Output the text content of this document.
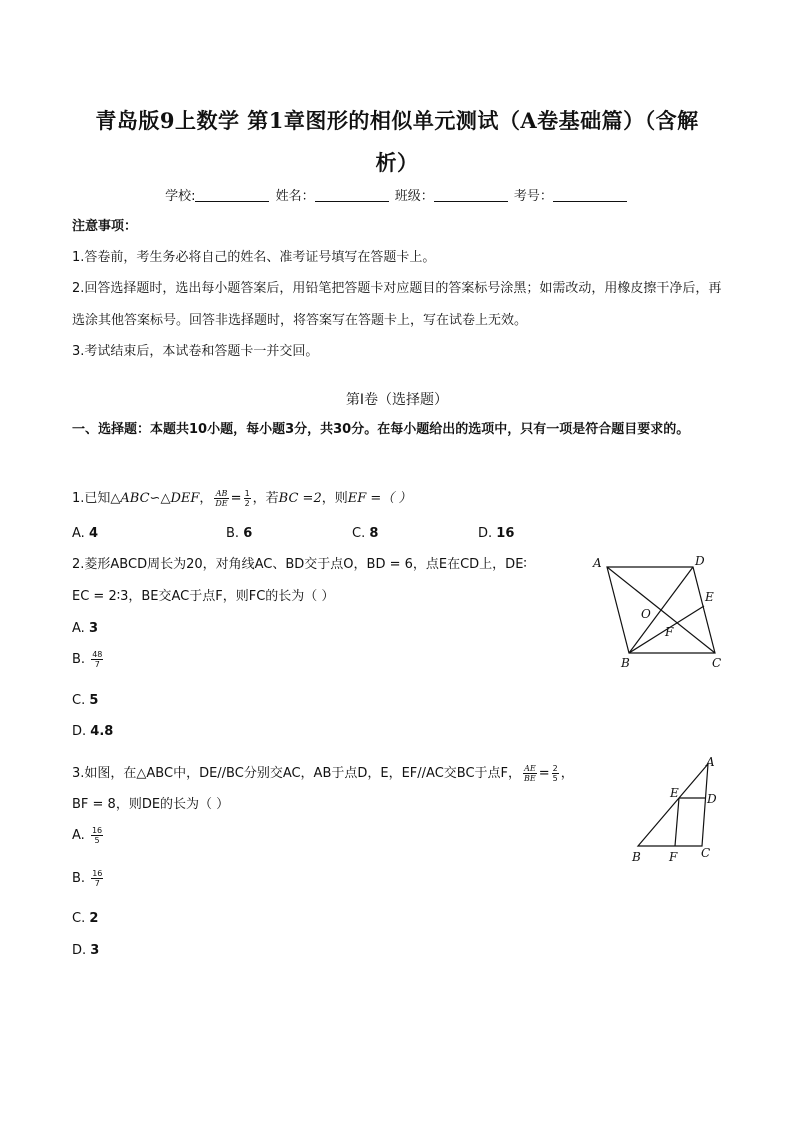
青岛版9上数学 第1章图形的相似单元测试（A卷基础篇）（含解析）
学校:	姓名：	班级：	考号：
注意事项：
1.答卷前，考生务必将自己的姓名、准考证号填写在答题卡上。
2.回答选择题时，选出每小题答案后，用铅笔把答题卡对应题目的答案标号涂黑；如需改动，用橡皮擦干净后，再选涂其他答案标号。回答非选择题时，将答案写在答题卡上，写在试卷上无效。
3.考试结束后，本试卷和答题卡一并交回。
第I卷（选择题）
一、选择题：本题共10小题，每小题3分，共30分。在每小题给出的选项中，只有一项是符合题目要求的。
1.已知△ABC∽△DEF， $\frac{AB}{DE} = \frac{1}{2}$ ，若BC =2，则EF =（ ）
A. 4	B. 6	C. 8	D. 16
2.菱形ABCD周长为20，对角线AC、BD交于点O，BD = 6，点E在CD上，DE∶
EC = 2∶3，BE交AC于点F，则FC的长为（ ）
A. 3
B. $\frac{48}{7}$
C. 5
D. 4.8
A	D
E
O
F
B	C
3.如图，在△ABC中，DE//BC分别交AC，AB于点D，E，EF//AC交BC于点F， $\frac{AE}{BE} = \frac{2}{5}$ ，
BF = 8，则DE的长为（ ）
A. $\frac{16}{5}$
B. $\frac{16}{7}$
C. 2
D. 3
A
E D
B F C
